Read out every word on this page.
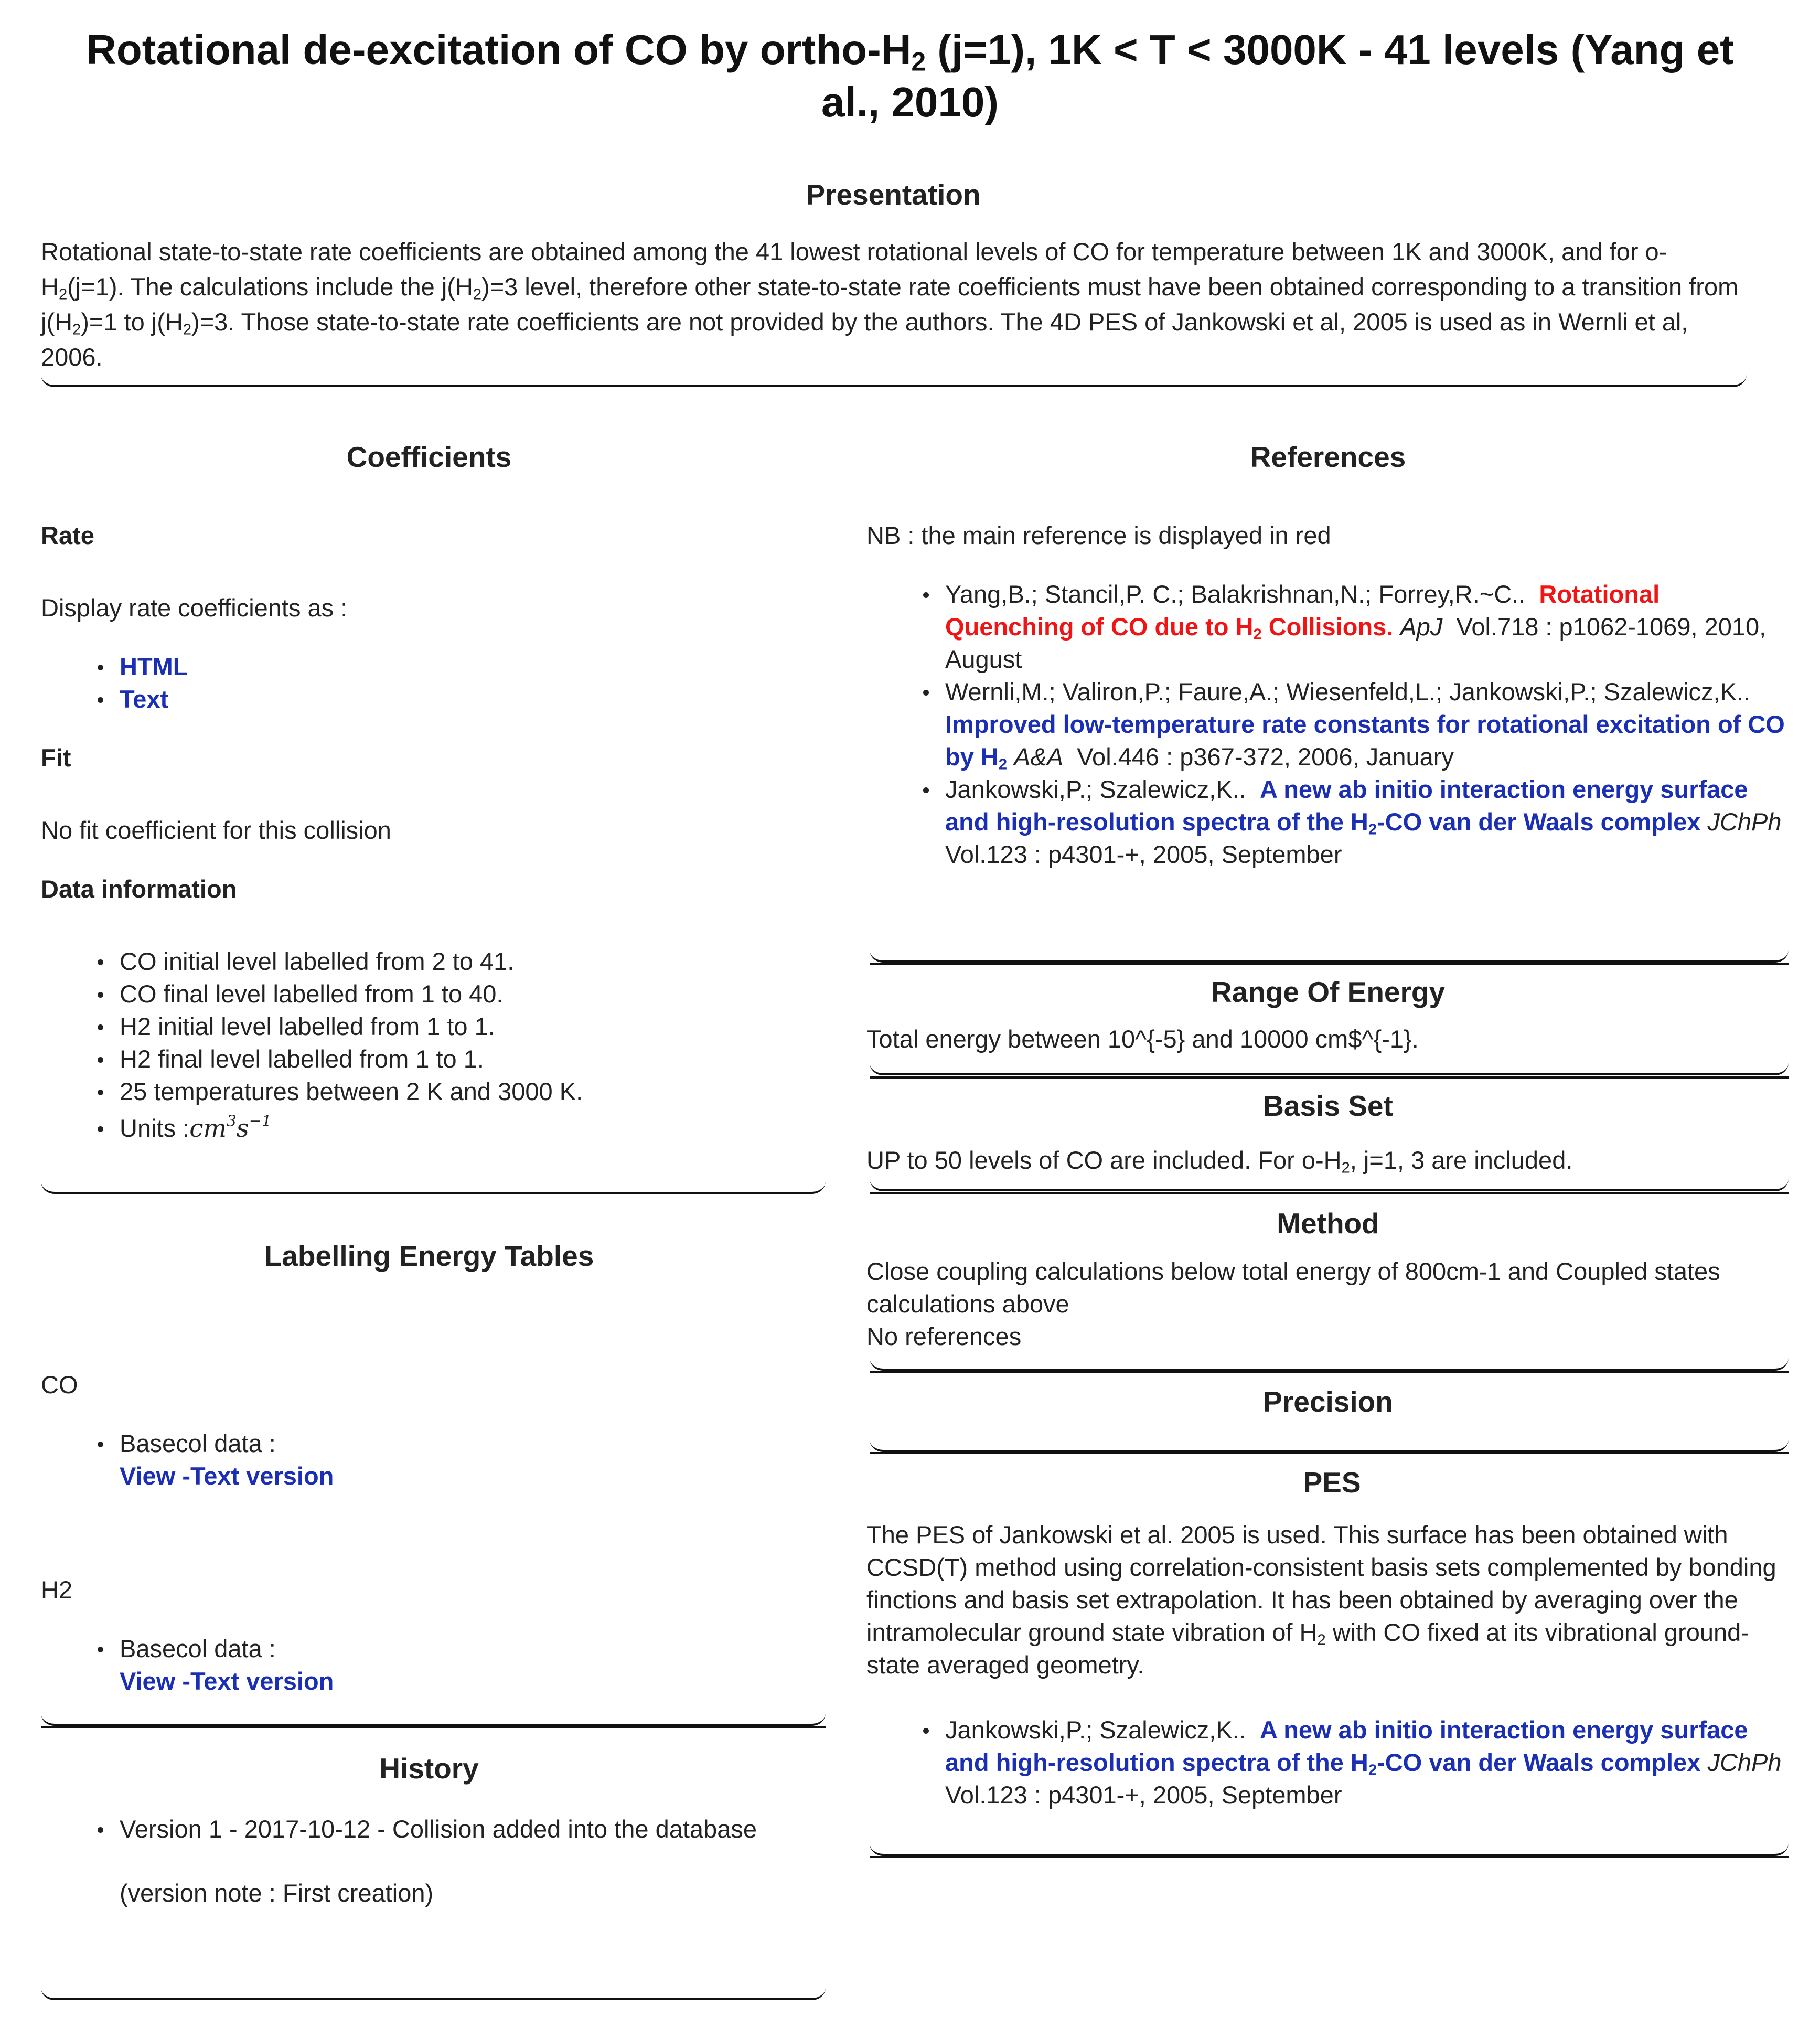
Rotational de-excitation of CO by ortho-$H_2$ (j=1), 1K < T < 3000K - 41 levels (Yang et al., 2010)
Presentation

Rotational state-to-state rate coefficients are obtained among the 41 lowest rotational levels of CO for temperature between 1K and 3000K, and for $o-H_2(j=1)$. The calculations include the $j(H_2)=3$ level, therefore other state-to-state rate coefficients must have been obtained corresponding to a transition from $j(H_2)=1$ to $j(H_2)=3$. Those state-to-state rate coefficients are not provided by the authors. The 4D PES of Jankowski et al, 2005 is used as in Wernli et al, 2006.

Coefficients

Rate

Display rate coefficients as :

HTML
Text

Fit

No fit coefficient for this collision

Data information

CO initial level labelled from 2 to 41.
CO final level labelled from 1 to 40.
H2 initial level labelled from 1 to 1.
H2 final level labelled from 1 to 1.
25 temperatures between 2 K and 3000 K.
Units $:cm^3s^{-1}$
Labelling Energy Tables

CO

Basecol data :
View -Text version

H2

Basecol data :
View -Text version
History
Version 1 - 2017-10-12 - Collision added into the database

(version note : First creation)

References

NB : the main reference is displayed in red

Yang,B.; Stancil,P. C.; Balakrishnan,N.; Forrey,R.~C.. Rotational Quenching of CO due to $H_2$ Collisions. ApJ Vol.718 : p1062-1069, 2010, August
Wernli,M.; Valiron,P.; Faure,A.; Wiesenfeld,L.; Jankowski,P.; Szalewicz,K..  Improved low-temperature rate constants for rotational excitation of CO by $H_2$ A&A Vol.446 : p367-372, 2006, January
Jankowski,P.; Szalewicz,K.. A new ab initio interaction energy surface and high-resolution spectra of the $H_2-CO$ van der Waals complex JChPh  Vol.123 : p4301-+, 2005, September
Range Of Energy

Total energy between 10^{-5} and 10000 cm$^{-1}.

Basis Set

UP to 50 levels of CO are included. For $o-H_2$, j=1, 3 are included.

Method

Close coupling calculations below total energy of 800cm-1 and Coupled states calculations above

No references

Precision
PES

The PES of Jankowski et al. 2005 is used. This surface has been obtained with CCSD(T) method using correlation-consistent basis sets complemented by bonding finctions and basis set extrapolation. It has been obtained by averaging over the intramolecular ground state vibration of $H_2$ with CO fixed at its vibrational ground-state averaged geometry.

Jankowski,P.; Szalewicz,K.. A new ab initio interaction energy surface and high-resolution spectra of the $H_2-CO$ van der Waals complex JChPh  Vol.123 : p4301-+, 2005, September
